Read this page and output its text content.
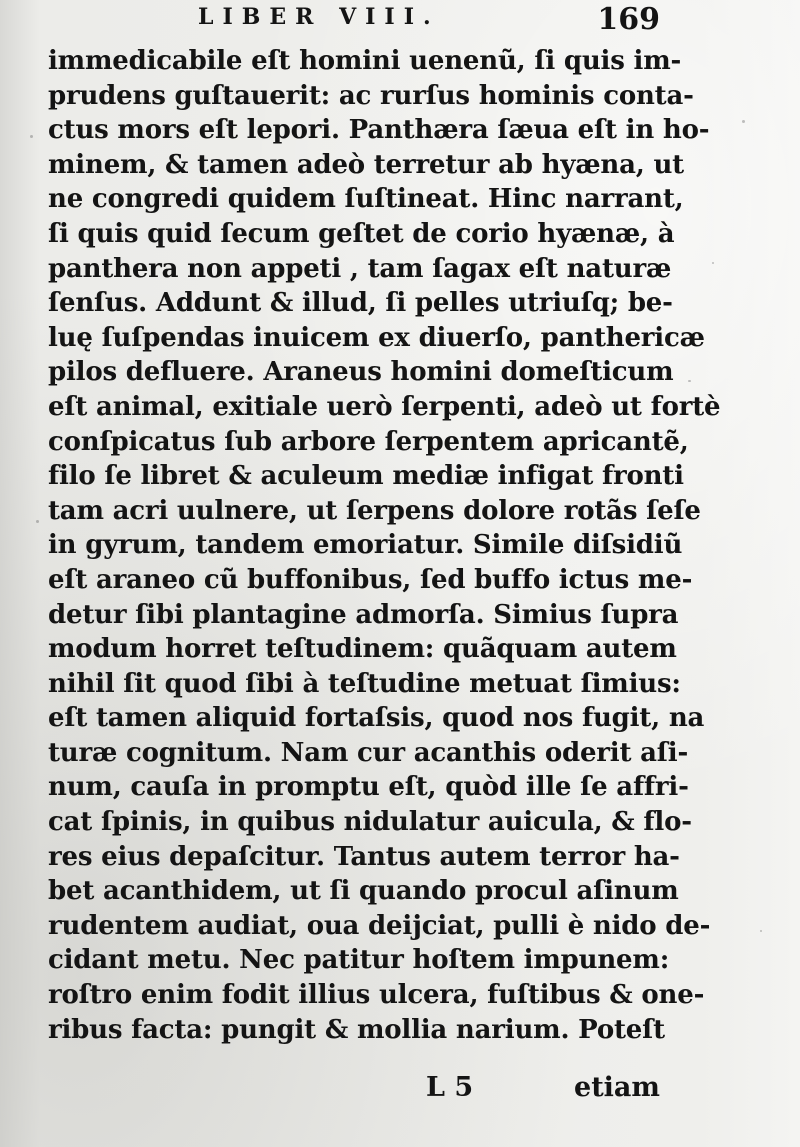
LIBER VIII.	169
immedicabile eſt homini uenenũ, ſi quis im-
prudens guſtauerit: ac rurſus hominis conta-
ctus mors eſt lepori. Panthæra ſæua eſt in ho-
minem, & tamen adeò terretur ab hyæna, ut
ne congredi quidem ſuſtineat. Hinc narrant,
ſi quis quid ſecum geſtet de corio hyænæ, à
panthera non appeti , tam ſagax eſt naturæ
ſenſus. Addunt & illud, ſi pelles utriuſq; be-
luę ſuſpendas inuicem ex diuerſo, panthericæ
pilos defluere. Araneus homini domeſticum
eſt animal, exitiale uerò ſerpenti, adeò ut fortè
conſpicatus ſub arbore ſerpentem apricantẽ,
filo ſe libret & aculeum mediæ infigat fronti
tam acri uulnere, ut ſerpens dolore rotãs ſeſe
in gyrum, tandem emoriatur. Simile diſsidiũ
eſt araneo cũ buffonibus, ſed buffo ictus me-
detur ſibi plantagine admorſa. Simius ſupra
modum horret teſtudinem: quãquam autem
nihil ſit quod ſibi à teſtudine metuat ſimius:
eſt tamen aliquid fortaſsis, quod nos fugit, na
turæ cognitum. Nam cur acanthis oderit aſi-
num, cauſa in promptu eſt, quòd ille ſe affri-
cat ſpinis, in quibus nidulatur auicula, & flo-
res eius depaſcitur. Tantus autem terror ha-
bet acanthidem, ut ſi quando procul aſinum
rudentem audiat, oua deĳciat, pulli è nido de-
cidant metu. Nec patitur hoſtem impunem:
roſtro enim fodit illius ulcera, fuſtibus & one-
ribus facta: pungit & mollia narium. Poteſt
L 5	etiam
